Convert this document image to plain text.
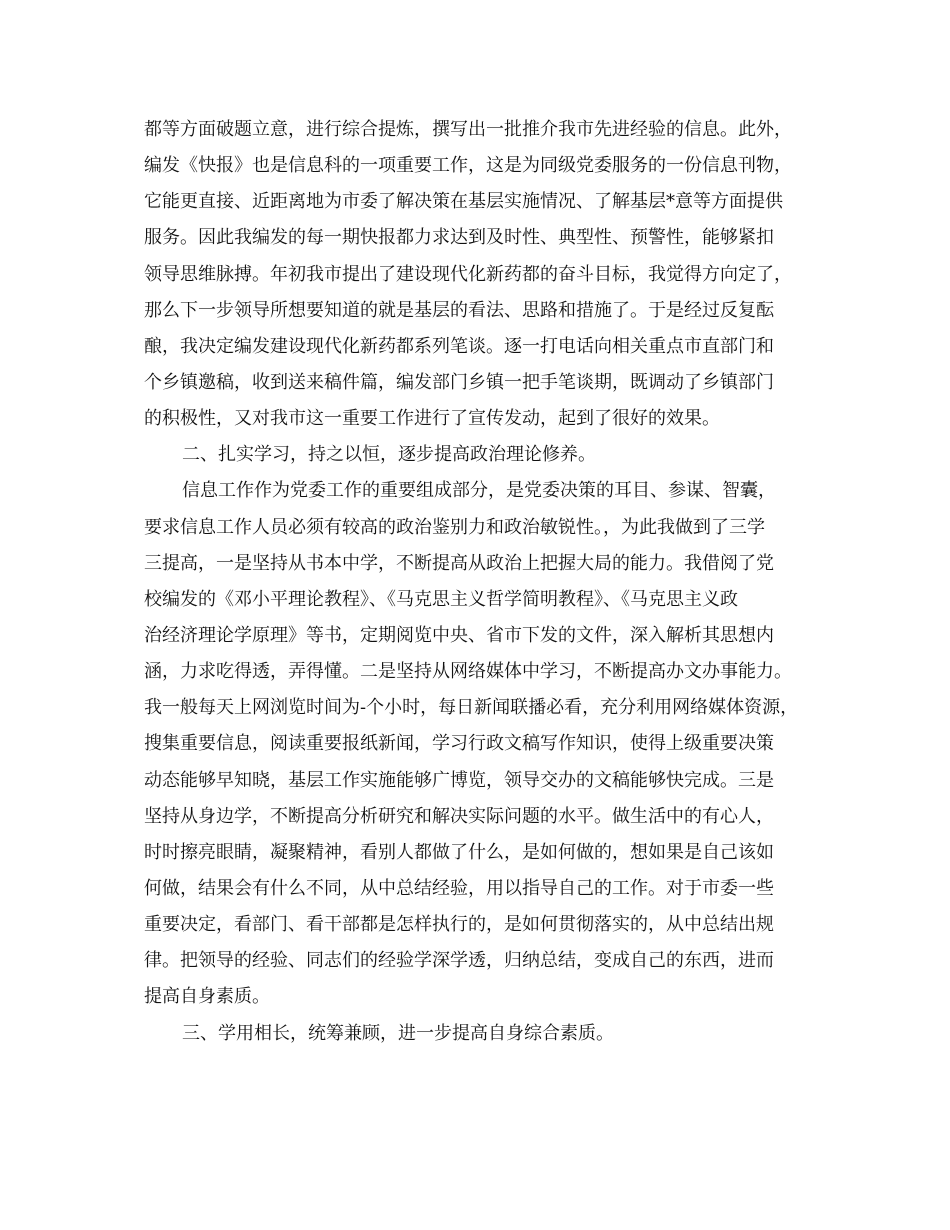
都等方面破题立意，进行综合提炼，撰写出一批推介我市先进经验的信息。此外，
编发《快报》也是信息科的一项重要工作，这是为同级党委服务的一份信息刊物，
它能更直接、近距离地为市委了解决策在基层实施情况、了解基层*意等方面提供
服务。因此我编发的每一期快报都力求达到及时性、典型性、预警性，能够紧扣
领导思维脉搏。年初我市提出了建设现代化新药都的奋斗目标，我觉得方向定了，
那么下一步领导所想要知道的就是基层的看法、思路和措施了。于是经过反复酝
酿，我决定编发建设现代化新药都系列笔谈。逐一打电话向相关重点市直部门和
个乡镇邀稿，收到送来稿件篇，编发部门乡镇一把手笔谈期，既调动了乡镇部门
的积极性，又对我市这一重要工作进行了宣传发动，起到了很好的效果。
二、扎实学习，持之以恒，逐步提高政治理论修养。
信息工作作为党委工作的重要组成部分，是党委决策的耳目、参谋、智囊，
要求信息工作人员必须有较高的政治鉴别力和政治敏锐性。，为此我做到了三学
三提高，一是坚持从书本中学，不断提高从政治上把握大局的能力。我借阅了党
校编发的《邓小平理论教程》、《马克思主义哲学简明教程》、《马克思主义政
治经济理论学原理》等书，定期阅览中央、省市下发的文件，深入解析其思想内
涵，力求吃得透，弄得懂。二是坚持从网络媒体中学习，不断提高办文办事能力。
我一般每天上网浏览时间为-个小时，每日新闻联播必看，充分利用网络媒体资源，
搜集重要信息，阅读重要报纸新闻，学习行政文稿写作知识，使得上级重要决策
动态能够早知晓，基层工作实施能够广博览，领导交办的文稿能够快完成。三是
坚持从身边学，不断提高分析研究和解决实际问题的水平。做生活中的有心人，
时时擦亮眼睛，凝聚精神，看别人都做了什么，是如何做的，想如果是自己该如
何做，结果会有什么不同，从中总结经验，用以指导自己的工作。对于市委一些
重要决定，看部门、看干部都是怎样执行的，是如何贯彻落实的，从中总结出规
律。把领导的经验、同志们的经验学深学透，归纳总结，变成自己的东西，进而
提高自身素质。
三、学用相长，统筹兼顾，进一步提高自身综合素质。
